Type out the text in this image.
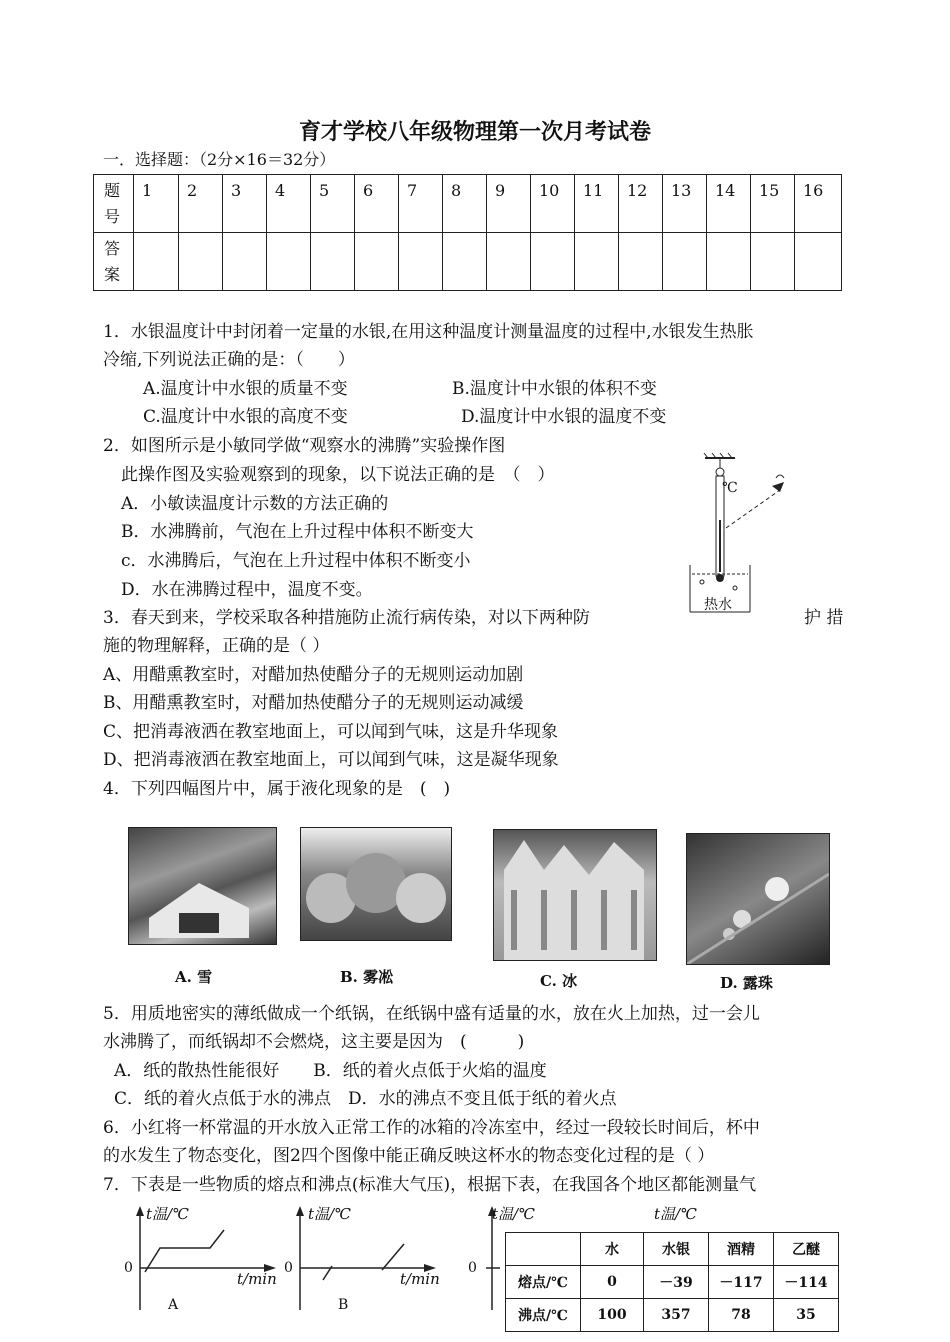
育才学校八年级物理第一次月考试卷
一．选择题：（2分×16＝32分）
题号	1	2	3	4	5	6	7	8	9	10	11	12	13	14	15	16
答案																
1．水银温度计中封闭着一定量的水银,在用这种温度计测量温度的过程中,水银发生热胀
冷缩,下列说法正确的是：（　　）
A.温度计中水银的质量不变	B.温度计中水银的体积不变
C.温度计中水银的高度不变	D.温度计中水银的温度不变
2．如图所示是小敏同学做“观察水的沸腾”实验操作图
此操作图及实验观察到的现象，以下说法正确的是　（　）
A．小敏读温度计示数的方法正确的
B．水沸腾前，气泡在上升过程中体积不断变大
c．水沸腾后，气泡在上升过程中体积不断变小
D．水在沸腾过程中，温度不变。
℃
热水
3．春天到来，学校采取各种措施防止流行病传染，对以下两种防	护 措
施的物理解释，正确的是（ ）
A、用醋熏教室时，对醋加热使醋分子的无规则运动加剧
B、用醋熏教室时，对醋加热使醋分子的无规则运动减缓
C、把消毒液洒在教室地面上，可以闻到气味，这是升华现象
D、把消毒液洒在教室地面上，可以闻到气味，这是凝华现象
4．下列四幅图片中，属于液化现象的是　(　)
A. 雪	B. 雾凇	C. 冰	D. 露珠
5．用质地密实的薄纸做成一个纸锅，在纸锅中盛有适量的水，放在火上加热，过一会儿
水沸腾了，而纸锅却不会燃烧，这主要是因为　(　　　)
A．纸的散热性能很好　　B．纸的着火点低于火焰的温度
C．纸的着火点低于水的沸点　D．水的沸点不变且低于纸的着火点
6．小红将一杯常温的开水放入正常工作的冰箱的冷冻室中，经过一段较长时间后，杯中
的水发生了物态变化，图2四个图像中能正确反映这杯水的物态变化过程的是（ ）
7．下表是一些物质的熔点和沸点(标准大气压)，根据下表，在我国各个地区都能测量气
t温/℃	t温/℃	t温/℃	t温/℃
t/min	t/min
0	0	0
A	B
	水	水银	酒精	乙醚
熔点/℃	0	－39	－117	－114
沸点/℃	100	357	78	35
